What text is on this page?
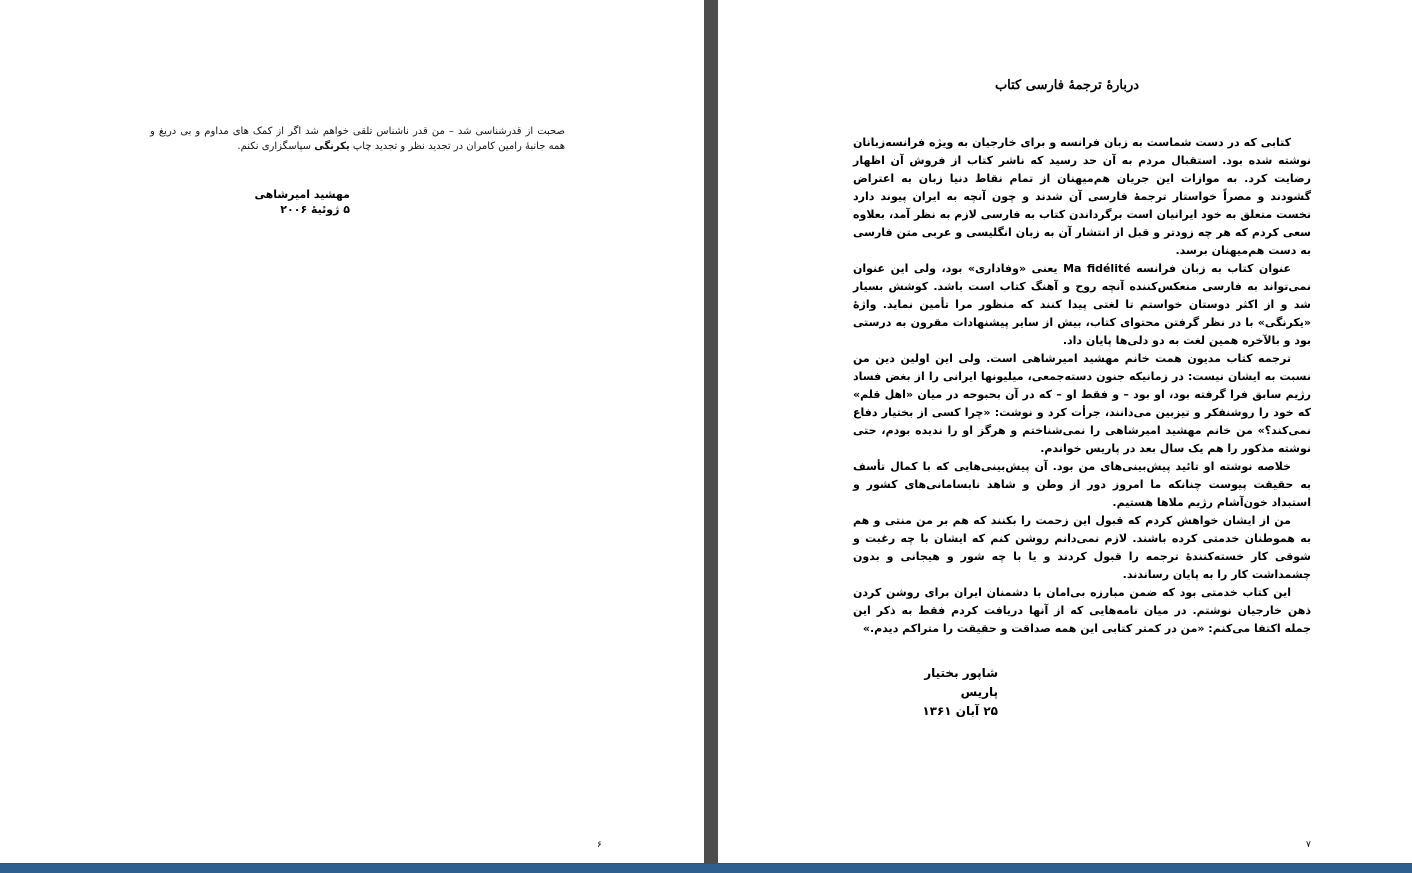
صحبت از قدرشناسی شد – من قدر ناشناس تلقی خواهم شد اگر از کمک های مداوم و بی دریغ و همه جانبهٔ رامین کامران در تجدید نظر و تجدید چاپ یکرنگی سپاسگزاری نکنم.
مهشید امیرشاهی
۵ ژوئیهٔ ۲۰۰۶
۶
دربارهٔ ترجمهٔ فارسی کتاب

کتابی که در دست شماست به زبان فرانسه و برای خارجیان به ویژه فرانسه‌زبانان نوشته شده بود. استقبال مردم به آن حد رسید که ناشر کتاب از فروش آن اظهار رضایت کرد. به موازات این جریان هم‌میهنان از تمام نقاط دنیا زبان به اعتراض گشودند و مصراً خواستار ترجمهٔ فارسی آن شدند و چون آنچه به ایران پیوند دارد نخست متعلق به خود ایرانیان است برگرداندن کتاب به فارسی لازم به نظر آمد، بعلاوه سعی کردم که هر چه زودتر و قبل از انتشار آن به زبان انگلیسی و عربی متن فارسی به دست هم‌میهنان برسد.

عنوان کتاب به زبان فرانسه Ma fidélité یعنی «وفاداری» بود، ولی این عنوان نمی‌تواند به فارسی منعکس‌کننده آنچه روح و آهنگ کتاب است باشد. کوشش بسیار شد و از اکثر دوستان خواستم تا لغتی پیدا کنند که منظور مرا تأمین نماید. واژهٔ «یکرنگی» با در نظر گرفتن محتوای کتاب، بیش از سایر پیشنهادات مقرون به درستی بود و بالآخره همین لغت به دو دلی‌ها پایان داد.

ترجمه کتاب مدیون همت خانم مهشید امیرشاهی است. ولی این اولین دین من نسبت به ایشان نیست: در زمانیکه جنون دسته‌جمعی، میلیونها ایرانی را از بغض فساد رژیم سابق فرا گرفته بود، او بود – و فقط او – که در آن بحبوحه در میان «اهل قلم» که خود را روشنفکر و تیزبین می‌دانند، جرأت کرد و نوشت: «چرا کسی از بختیار دفاع نمی‌کند؟» من خانم مهشید امیرشاهی را نمی‌شناختم و هرگز او را ندیده بودم، حتی نوشته مذکور را هم یک سال بعد در پاریس خواندم.

خلاصه نوشته او تائید پیش‌بینی‌های من بود. آن پیش‌بینی‌هایی که با کمال تأسف به حقیقت پیوست چنانکه ما امروز دور از وطن و شاهد نابسامانی‌های کشور و استبداد خون‌آشام رژیم ملاها هستیم.

من از ایشان خواهش کردم که قبول این زحمت را بکنند که هم بر من منتی و هم به هموطنان خدمتی کرده باشند. لازم نمی‌دانم روشن کنم که ایشان با چه رغبت و شوقی کار خسته‌کنندهٔ ترجمه را قبول کردند و یا با چه شور و هیجانی و بدون چشمداشت کار را به پایان رساندند.

این کتاب خدمتی بود که ضمن مبارزه بی‌امان با دشمنان ایران برای روشن کردن ذهن خارجیان نوشتم. در میان نامه‌هایی که از آنها دریافت کردم فقط به ذکر این جمله اکتفا می‌کنم: «من در کمتر کتابی این همه صداقت و حقیقت را متراکم دیدم.»

شاپور بختیار
پاریس
۲۵ آبان ۱۳۶۱
۷
